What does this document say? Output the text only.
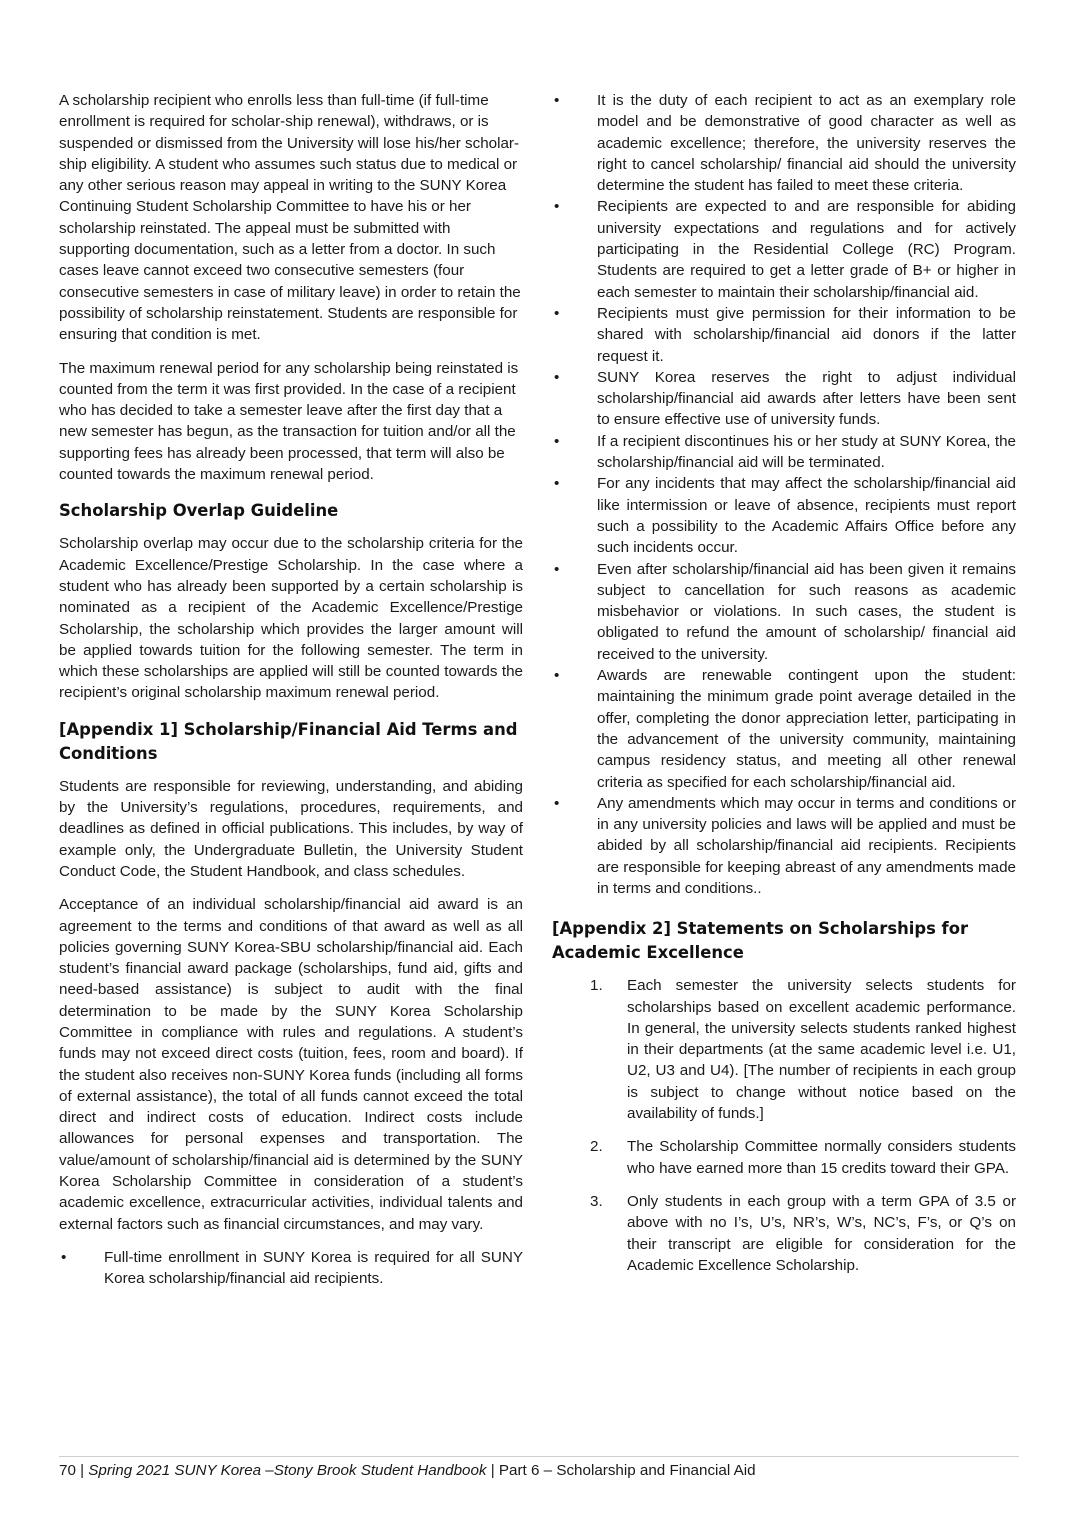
A scholarship recipient who enrolls less than full-time (if full-time enrollment is required for scholar-ship renewal), withdraws, or is suspended or dismissed from the University will lose his/her scholar-ship eligibility. A student who assumes such status due to medical or any other serious reason may appeal in writing to the SUNY Korea Continuing Student Scholarship Committee to have his or her scholarship reinstated. The appeal must be submitted with supporting documentation, such as a letter from a doctor. In such cases leave cannot exceed two consecutive semesters (four consecutive semesters in case of military leave) in order to retain the possibility of scholarship reinstatement. Students are responsible for ensuring that condition is met.

The maximum renewal period for any scholarship being reinstated is counted from the term it was first provided. In the case of a recipient who has decided to take a semester leave after the first day that a new semester has begun, as the transaction for tuition and/or all the supporting fees has already been processed, that term will also be counted towards the maximum renewal period.

Scholarship Overlap Guideline

Scholarship overlap may occur due to the scholarship criteria for the Academic Excellence/Prestige Scholarship. In the case where a student who has already been supported by a certain scholarship is nominated as a recipient of the Academic Excellence/Prestige Scholarship, the scholarship which provides the larger amount will be applied towards tuition for the following semester. The term in which these scholarships are applied will still be counted towards the recipient’s original scholarship maximum renewal period.

[Appendix 1] Scholarship/Financial Aid Terms and Conditions

Students are responsible for reviewing, understanding, and abiding by the University’s regulations, procedures, requirements, and deadlines as defined in official publications. This includes, by way of example only, the Undergraduate Bulletin, the University Student Conduct Code, the Student Handbook, and class schedules.

Acceptance of an individual scholarship/financial aid award is an agreement to the terms and conditions of that award as well as all policies governing SUNY Korea-SBU scholarship/financial aid. Each student’s financial award package (scholarships, fund aid, gifts and need-based assistance) is subject to audit with the final determination to be made by the SUNY Korea Scholarship Committee in compliance with rules and regulations. A student’s funds may not exceed direct costs (tuition, fees, room and board). If the student also receives non-SUNY Korea funds (including all forms of external assistance), the total of all funds cannot exceed the total direct and indirect costs of education. Indirect costs include allowances for personal expenses and transportation. The value/amount of scholarship/financial aid is determined by the SUNY Korea Scholarship Committee in consideration of a student’s academic excellence, extracurricular activities, individual talents and external factors such as financial circumstances, and may vary.

• Full-time enrollment in SUNY Korea is required for all SUNY Korea scholarship/financial aid recipients.
• It is the duty of each recipient to act as an exemplary role model and be demonstrative of good character as well as academic excellence; therefore, the university reserves the right to cancel scholarship/ financial aid should the university determine the student has failed to meet these criteria.
• Recipients are expected to and are responsible for abiding university expectations and regulations and for actively participating in the Residential College (RC) Program. Students are required to get a letter grade of B+ or higher in each semester to maintain their scholarship/financial aid.
• Recipients must give permission for their information to be shared with scholarship/financial aid donors if the latter request it.
• SUNY Korea reserves the right to adjust individual scholarship/financial aid awards after letters have been sent to ensure effective use of university funds.
• If a recipient discontinues his or her study at SUNY Korea, the scholarship/financial aid will be terminated.
• For any incidents that may affect the scholarship/financial aid like intermission or leave of absence, recipients must report such a possibility to the Academic Affairs Office before any such incidents occur.
• Even after scholarship/financial aid has been given it remains subject to cancellation for such reasons as academic misbehavior or violations. In such cases, the student is obligated to refund the amount of scholarship/ financial aid received to the university.
• Awards are renewable contingent upon the student: maintaining the minimum grade point average detailed in the offer, completing the donor appreciation letter, participating in the advancement of the university community, maintaining campus residency status, and meeting all other renewal criteria as specified for each scholarship/financial aid.
• Any amendments which may occur in terms and conditions or in any university policies and laws will be applied and must be abided by all scholarship/financial aid recipients. Recipients are responsible for keeping abreast of any amendments made in terms and conditions..
[Appendix 2] Statements on Scholarships for Academic Excellence
1. Each semester the university selects students for scholarships based on excellent academic performance. In general, the university selects students ranked highest in their departments (at the same academic level i.e. U1, U2, U3 and U4). [The number of recipients in each group is subject to change without notice based on the availability of funds.]
2. The Scholarship Committee normally considers students who have earned more than 15 credits toward their GPA.
3. Only students in each group with a term GPA of 3.5 or above with no I’s, U’s, NR’s, W’s, NC’s, F’s, or Q’s on their transcript are eligible for consideration for the Academic Excellence Scholarship.
70 | Spring 2021 SUNY Korea –Stony Brook Student Handbook | Part 6 – Scholarship and Financial Aid
